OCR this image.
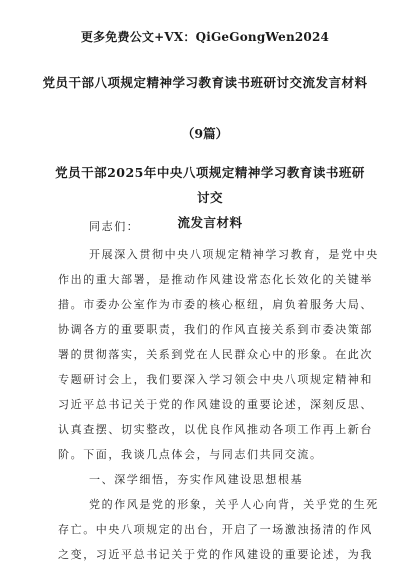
更多免费公文+VX：QiGeGongWen2024
党员干部八项规定精神学习教育读书班研讨交流发言材料
（9篇）
党员干部2025年中央八项规定精神学习教育读书班研讨交
流发言材料
同志们：
开展深入贯彻中央八项规定精神学习教育，是党中央
作出的重大部署，是推动作风建设常态化长效化的关键举
措。市委办公室作为市委的核心枢纽，肩负着服务大局、
协调各方的重要职责，我们的作风直接关系到市委决策部
署的贯彻落实，关系到党在人民群众心中的形象。在此次
专题研讨会上，我们要深入学习领会中央八项规定精神和
习近平总书记关于党的作风建设的重要论述，深刻反思、
认真查摆、切实整改，以优良作风推动各项工作再上新台
阶。下面，我谈几点体会，与同志们共同交流。
一、深学细悟，夯实作风建设思想根基
党的作风是党的形象，关乎人心向背，关乎党的生死
存亡。中央八项规定的出台，开启了一场激浊扬清的作风
之变，习近平总书记关于党的作风建设的重要论述，为我
